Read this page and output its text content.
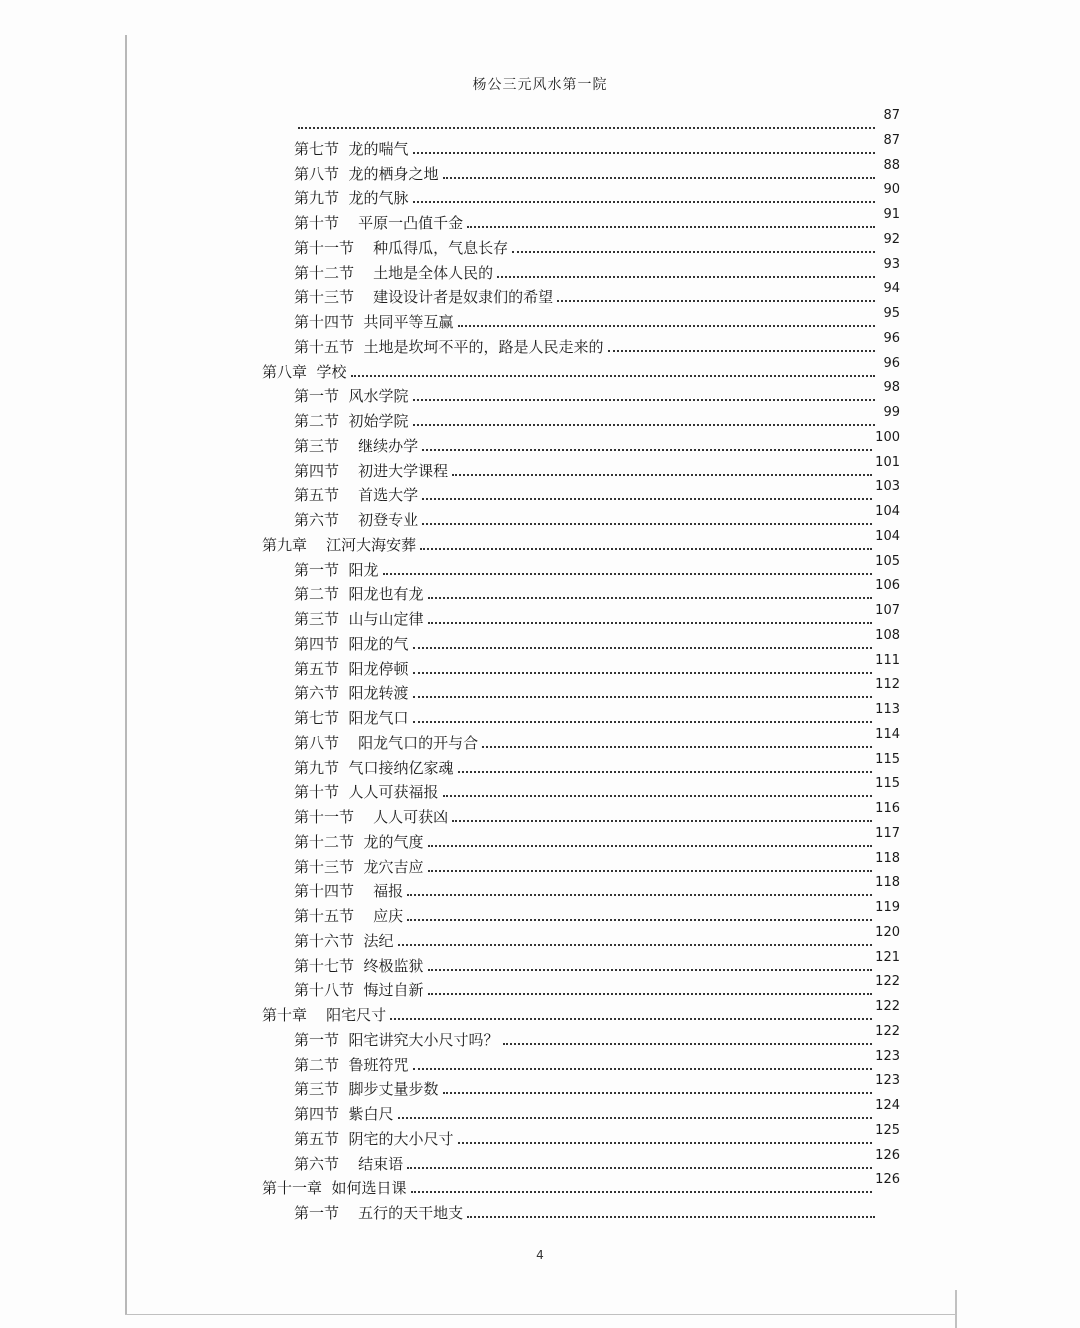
杨公三元风水第一院
87
第七节  龙的喘气	87
第八节  龙的栖身之地	88
第九节  龙的气脉	90
第十节    平原一凸值千金	91
第十一节    种瓜得瓜，气息长存	92
第十二节    土地是全体人民的	93
第十三节    建设设计者是奴隶们的希望	94
第十四节  共同平等互赢	95
第十五节  土地是坎坷不平的，路是人民走来的	96
第八章  学校	96
第一节  风水学院	98
第二节  初始学院	99
第三节    继续办学	100
第四节    初进大学课程	101
第五节    首选大学	103
第六节    初登专业	104
第九章    江河大海安葬	104
第一节  阳龙	105
第二节  阳龙也有龙	106
第三节  山与山定律	107
第四节  阳龙的气	108
第五节  阳龙停顿	111
第六节  阳龙转渡	112
第七节  阳龙气口	113
第八节    阳龙气口的开与合	114
第九节  气口接纳亿家魂	115
第十节  人人可获福报	115
第十一节    人人可获凶	116
第十二节  龙的气度	117
第十三节  龙穴吉应	118
第十四节    福报	118
第十五节    应庆	119
第十六节  法纪	120
第十七节  终极监狱	121
第十八节  悔过自新	122
第十章    阳宅尺寸	122
第一节  阳宅讲究大小尺寸吗？	122
第二节  鲁班符咒	123
第三节  脚步丈量步数	123
第四节  紫白尺	124
第五节  阴宅的大小尺寸	125
第六节    结束语	126
第十一章  如何选日课	126
第一节    五行的天干地支
4
